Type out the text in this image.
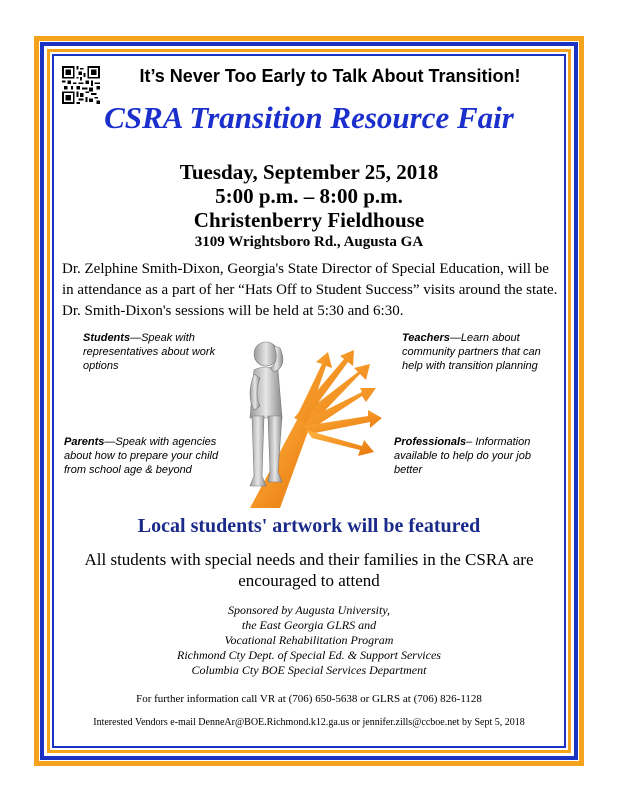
It’s Never Too Early to Talk About Transition!
CSRA Transition Resource Fair
Tuesday, September 25, 2018
5:00 p.m. – 8:00 p.m.
Christenberry Fieldhouse
3109 Wrightsboro Rd., Augusta GA
Dr. Zelphine Smith-Dixon, Georgia's State Director of Special Education, will be in attendance as a part of her “Hats Off to Student Success” visits around the state. Dr. Smith-Dixon's sessions will be held at 5:30 and 6:30.
Students—Speak with representatives about work options
Teachers—Learn about community partners that can help with transition planning
Parents—Speak with agencies about how to prepare your child from school age & beyond
Professionals– Information available to help do your job better
Local students' artwork will be featured
All students with special needs and their families in the CSRA are encouraged to attend
Sponsored by Augusta University,
the East Georgia GLRS and
Vocational Rehabilitation Program
Richmond Cty Dept. of Special Ed. & Support Services
Columbia Cty BOE Special Services Department
For further information call VR at (706) 650-5638 or GLRS at (706) 826-1128
Interested Vendors e-mail DenneAr@BOE.Richmond.k12.ga.us or jennifer.zills@ccboe.net by Sept 5, 2018
